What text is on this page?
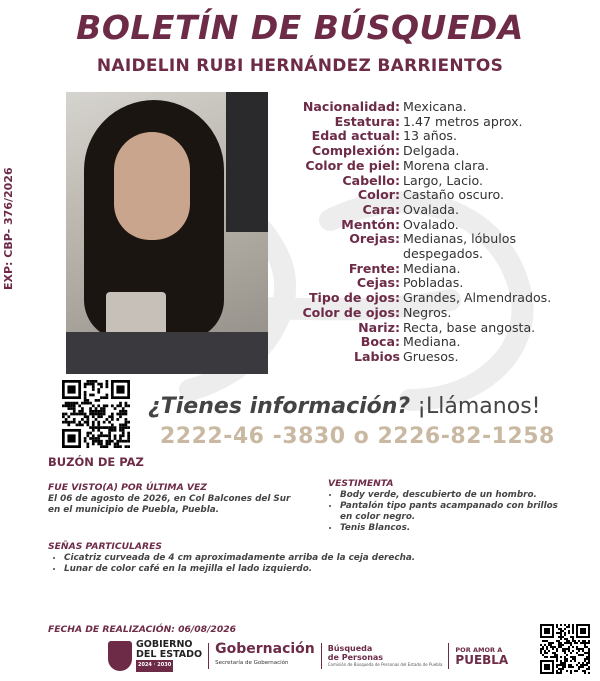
BOLETÍN DE BÚSQUEDA
NAIDELIN RUBI HERNÁNDEZ BARRIENTOS
EXP: CBP- 376/2026
Nacionalidad: Mexicana.
Estatura: 1.47 metros aprox.
Edad actual: 13 años.
Complexión: Delgada.
Color de piel: Morena clara.
Cabello: Largo, Lacio.
Color: Castaño oscuro.
Cara: Ovalada.
Mentón: Ovalado.
Orejas: Medianas, lóbulos despegados.
Frente: Mediana.
Cejas: Pobladas.
Tipo de ojos: Grandes, Almendrados.
Color de ojos: Negros.
Nariz: Recta, base angosta.
Boca: Mediana.
Labios Gruesos.
BUZÓN DE PAZ
¿Tienes información? ¡Llámanos!
2222-46 -3830 o 2226-82-1258
FUE VISTO(A) POR ÚLTIMA VEZ
El 06 de agosto de 2026, en Col Balcones del Sur en el municipio de Puebla, Puebla.
VESTIMENTA
• Body verde, descubierto de un hombro.
• Pantalón tipo pants acampanado con brillos en color negro.
• Tenis Blancos.
SEÑAS PARTICULARES
• Cicatriz curveada de 4 cm aproximadamente arriba de la ceja derecha.
• Lunar de color café en la mejilla el lado izquierdo.
FECHA DE REALIZACIÓN: 06/08/2026
GOBIERNO
DEL ESTADO
2024 · 2030
Gobernación
Secretaría de Gobernación
Búsqueda
de Personas
Comisión de Búsqueda de Personas del Estado de Puebla
POR AMOR A
PUEBLA
